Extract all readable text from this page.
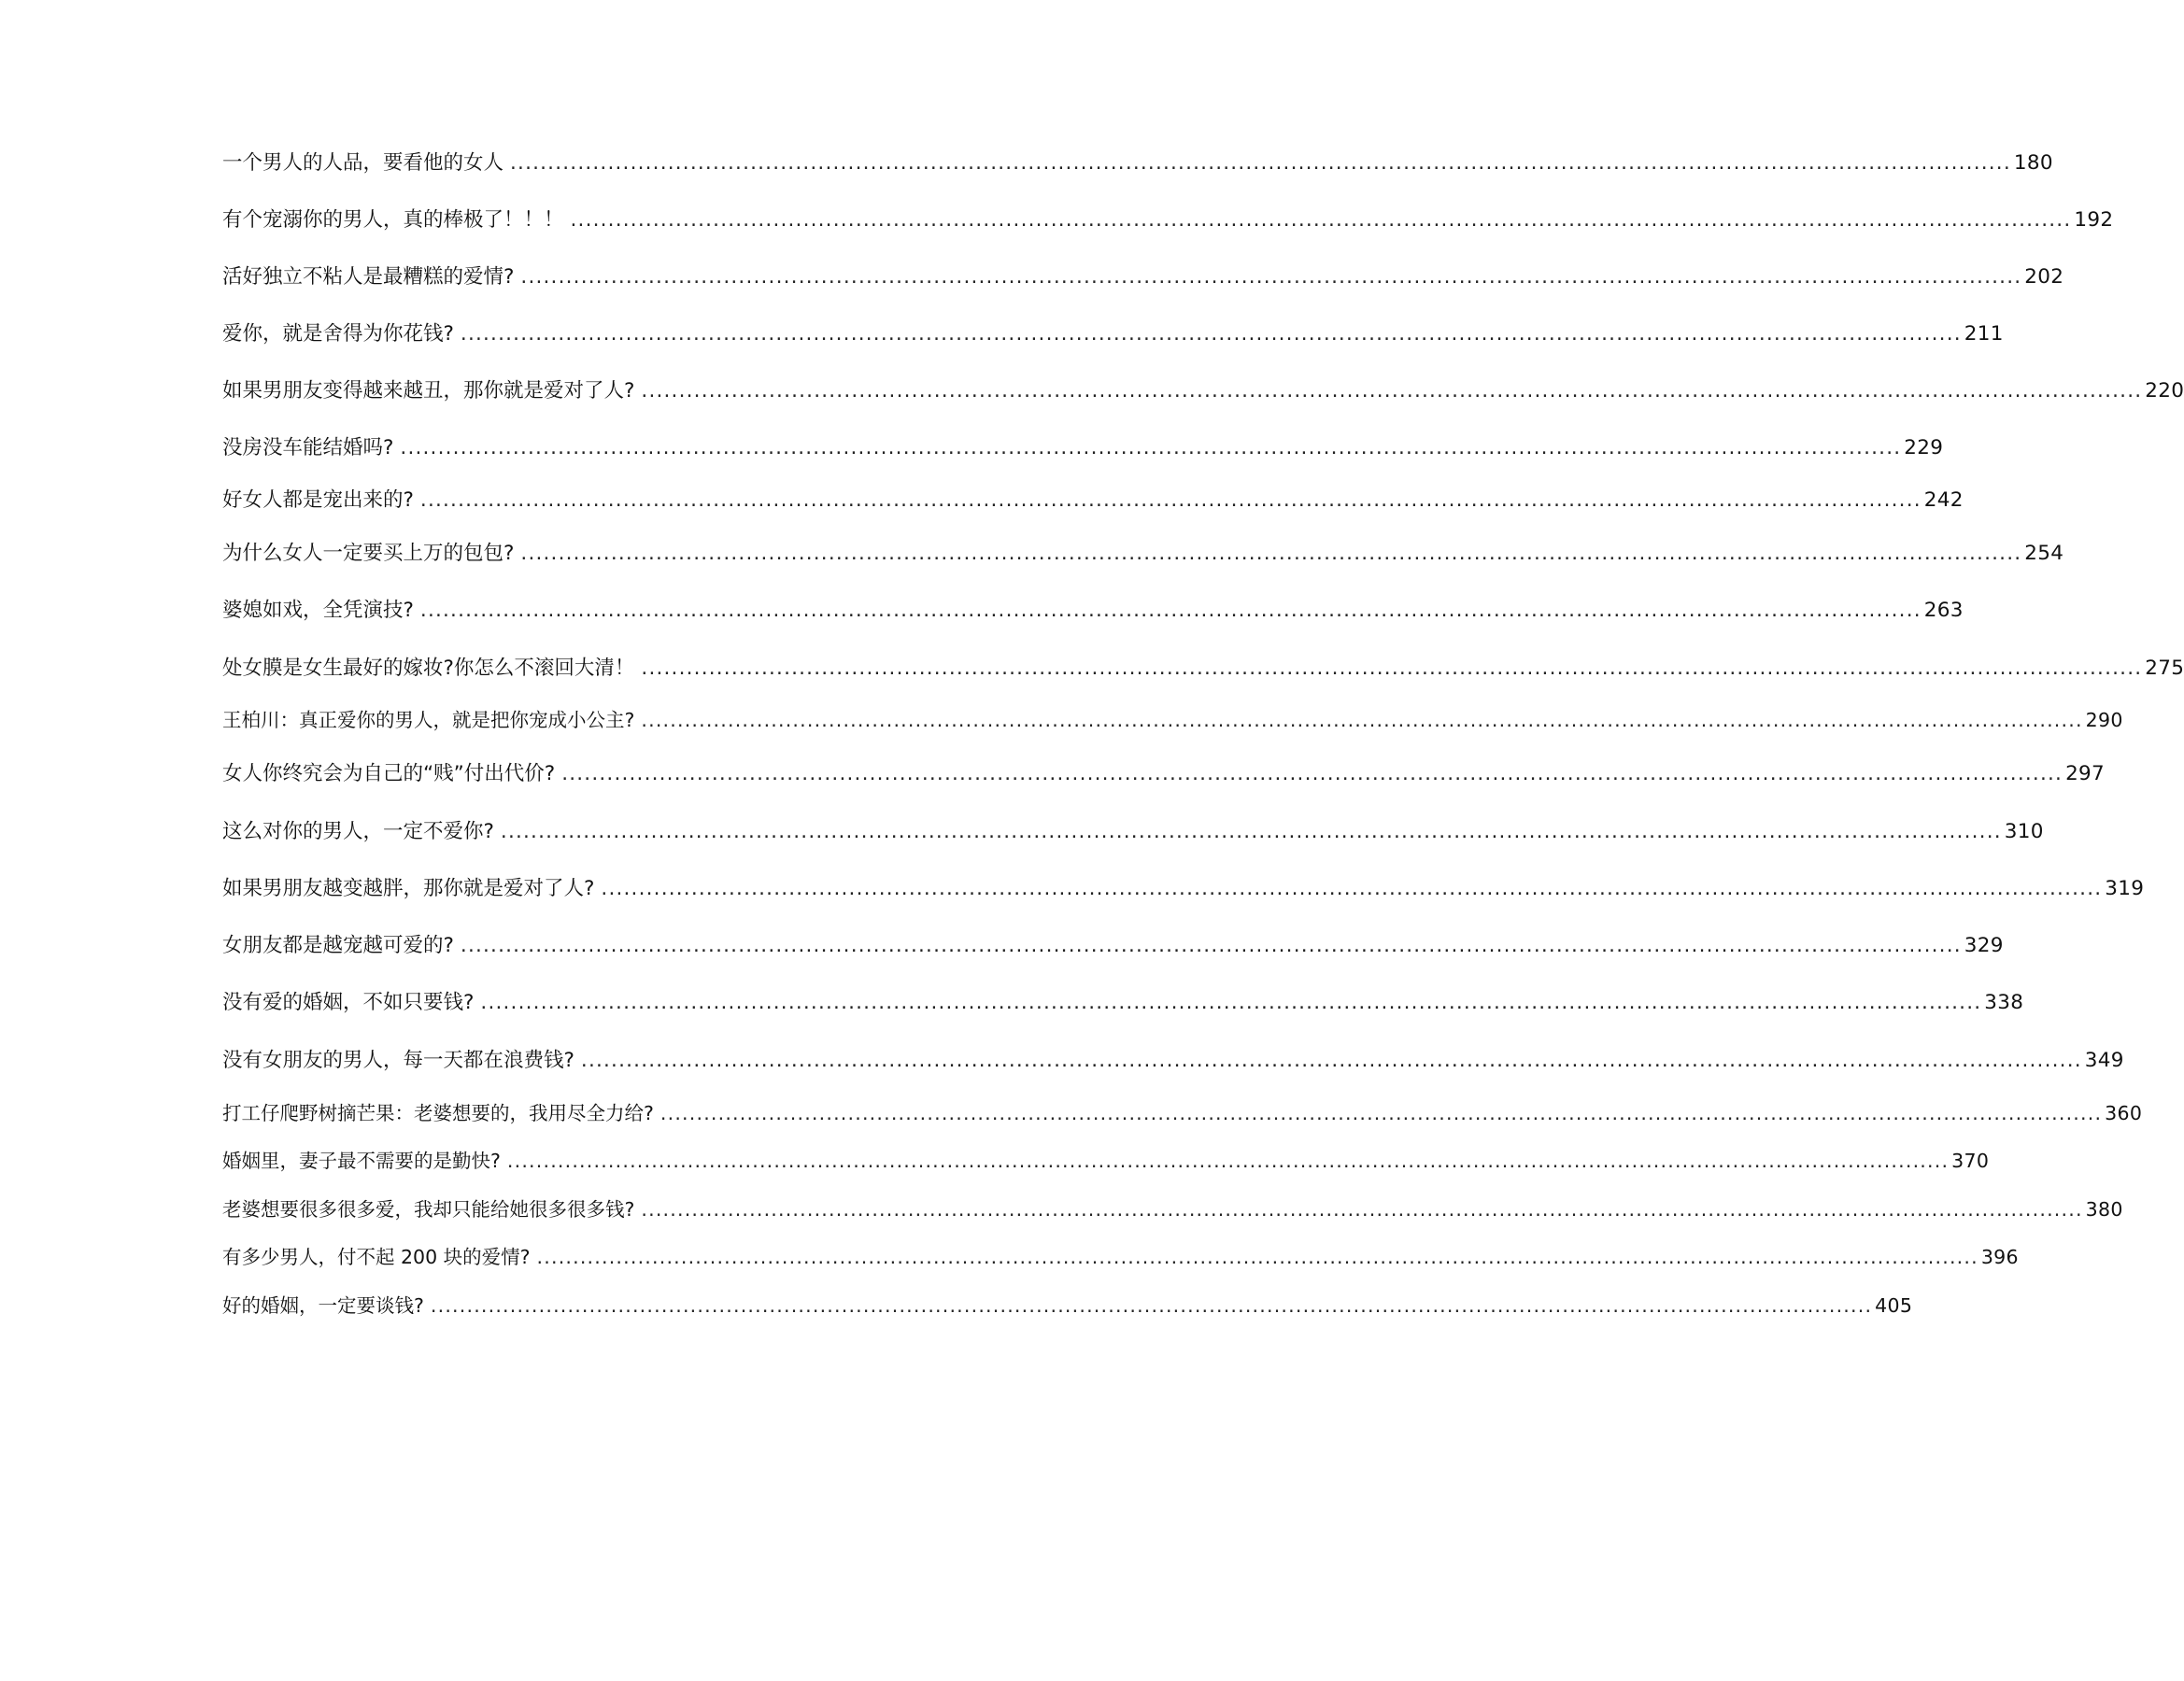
一个男人的人品，要看他的女人 ........................................................................................................................................................................................................ 180
有个宠溺你的男人，真的棒极了！！！ ........................................................................................................................................................................................................ 192
活好独立不粘人是最糟糕的爱情? ........................................................................................................................................................................................................ 202
爱你，就是舍得为你花钱? ........................................................................................................................................................................................................ 211
如果男朋友变得越来越丑，那你就是爱对了人? ........................................................................................................................................................................................................ 220
没房没车能结婚吗? ........................................................................................................................................................................................................ 229
好女人都是宠出来的? ........................................................................................................................................................................................................ 242
为什么女人一定要买上万的包包? ........................................................................................................................................................................................................ 254
婆媳如戏，全凭演技? ........................................................................................................................................................................................................ 263
处女膜是女生最好的嫁妆?你怎么不滚回大清！ ........................................................................................................................................................................................................ 275
王柏川：真正爱你的男人，就是把你宠成小公主? ........................................................................................................................................................................................................ 290
女人你终究会为自己的“贱”付出代价? ........................................................................................................................................................................................................ 297
这么对你的男人，一定不爱你? ........................................................................................................................................................................................................ 310
如果男朋友越变越胖，那你就是爱对了人? ........................................................................................................................................................................................................ 319
女朋友都是越宠越可爱的? ........................................................................................................................................................................................................ 329
没有爱的婚姻，不如只要钱? ........................................................................................................................................................................................................ 338
没有女朋友的男人，每一天都在浪费钱? ........................................................................................................................................................................................................ 349
打工仔爬野树摘芒果：老婆想要的，我用尽全力给? ........................................................................................................................................................................................................ 360
婚姻里，妻子最不需要的是勤快? ........................................................................................................................................................................................................ 370
老婆想要很多很多爱，我却只能给她很多很多钱? ........................................................................................................................................................................................................ 380
有多少男人，付不起 200 块的爱情? ........................................................................................................................................................................................................ 396
好的婚姻，一定要谈钱? ........................................................................................................................................................................................................ 405
